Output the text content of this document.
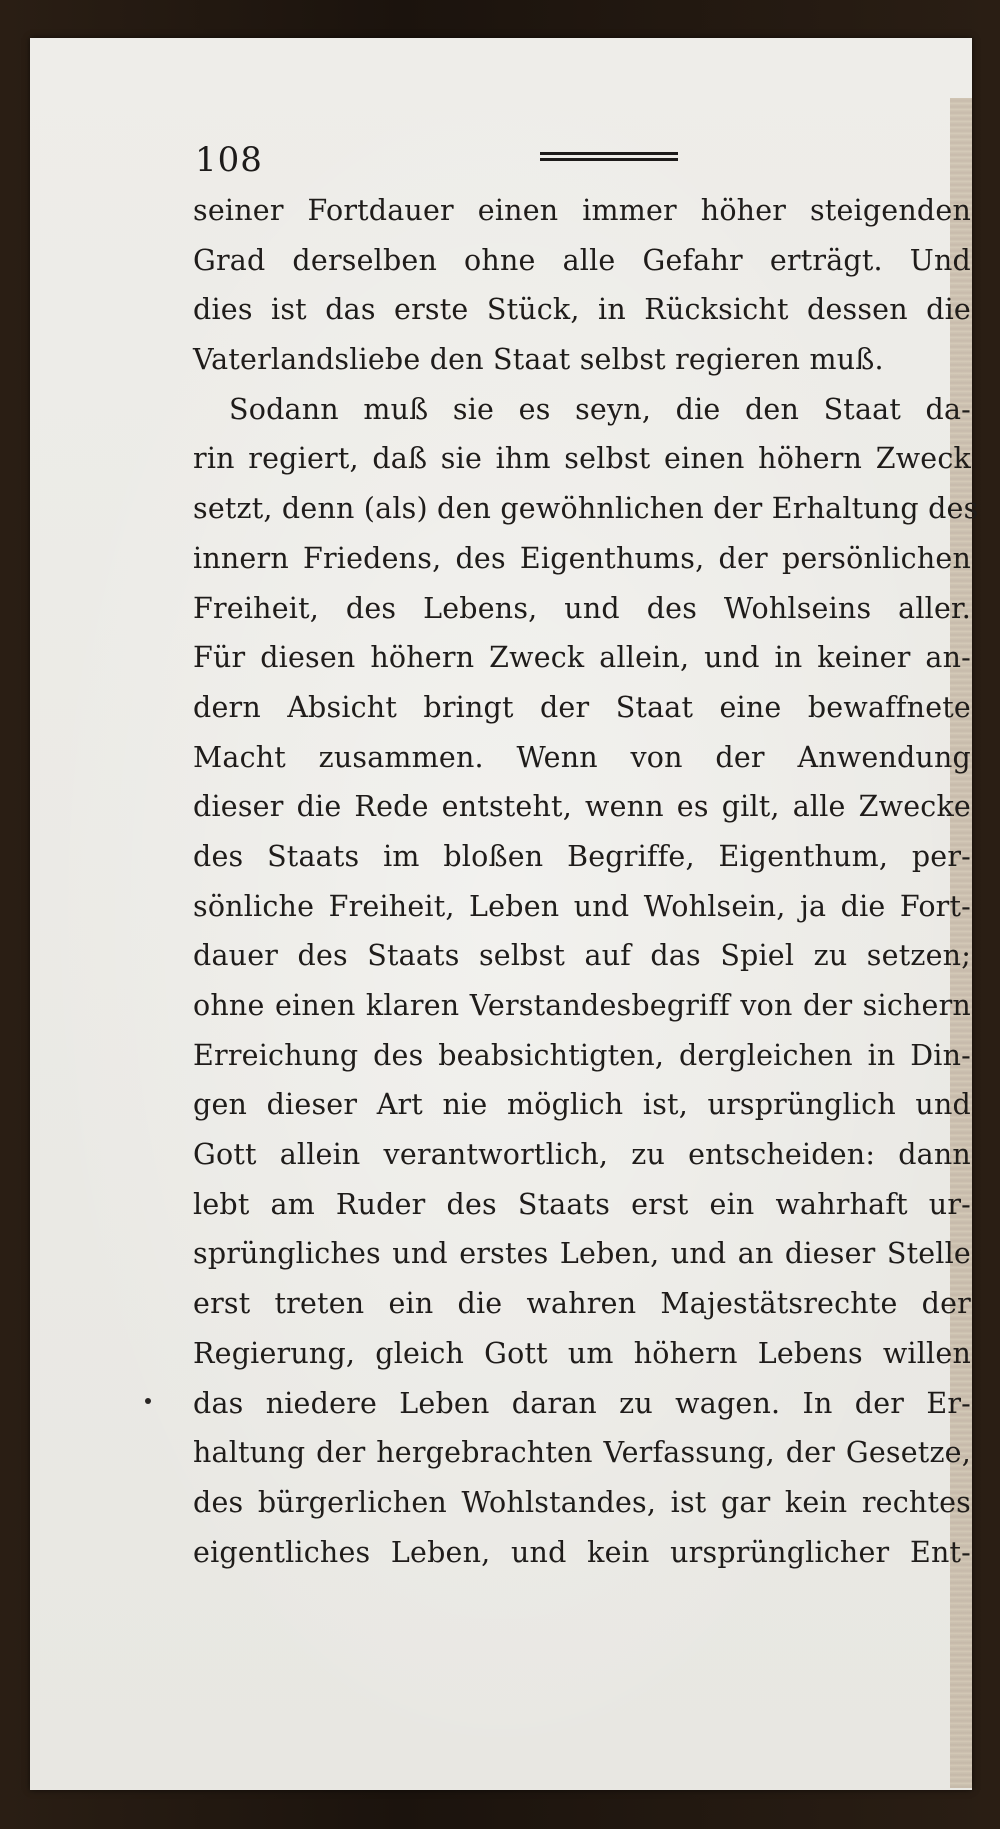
108
seiner Fortdauer einen immer höher steigenden
Grad derselben ohne alle Gefahr erträgt. Und
dies ist das erste Stück, in Rücksicht dessen die
Vaterlandsliebe den Staat selbst regieren muß.
Sodann muß sie es seyn, die den Staat da-
rin regiert, daß sie ihm selbst einen höhern Zweck
setzt, denn (als) den gewöhnlichen der Erhaltung des
innern Friedens, des Eigenthums, der persönlichen
Freiheit, des Lebens, und des Wohlseins aller.
Für diesen höhern Zweck allein, und in keiner an-
dern Absicht bringt der Staat eine bewaffnete
Macht zusammen. Wenn von der Anwendung
dieser die Rede entsteht, wenn es gilt, alle Zwecke
des Staats im bloßen Begriffe, Eigenthum, per-
sönliche Freiheit, Leben und Wohlsein, ja die Fort-
dauer des Staats selbst auf das Spiel zu setzen;
ohne einen klaren Verstandesbegriff von der sichern
Erreichung des beabsichtigten, dergleichen in Din-
gen dieser Art nie möglich ist, ursprünglich und
Gott allein verantwortlich, zu entscheiden: dann
lebt am Ruder des Staats erst ein wahrhaft ur-
sprüngliches und erstes Leben, und an dieser Stelle
erst treten ein die wahren Majestätsrechte der
Regierung, gleich Gott um höhern Lebens willen
das niedere Leben daran zu wagen. In der Er-
haltung der hergebrachten Verfassung, der Gesetze,
des bürgerlichen Wohlstandes, ist gar kein rechtes
eigentliches Leben, und kein ursprünglicher Ent-
